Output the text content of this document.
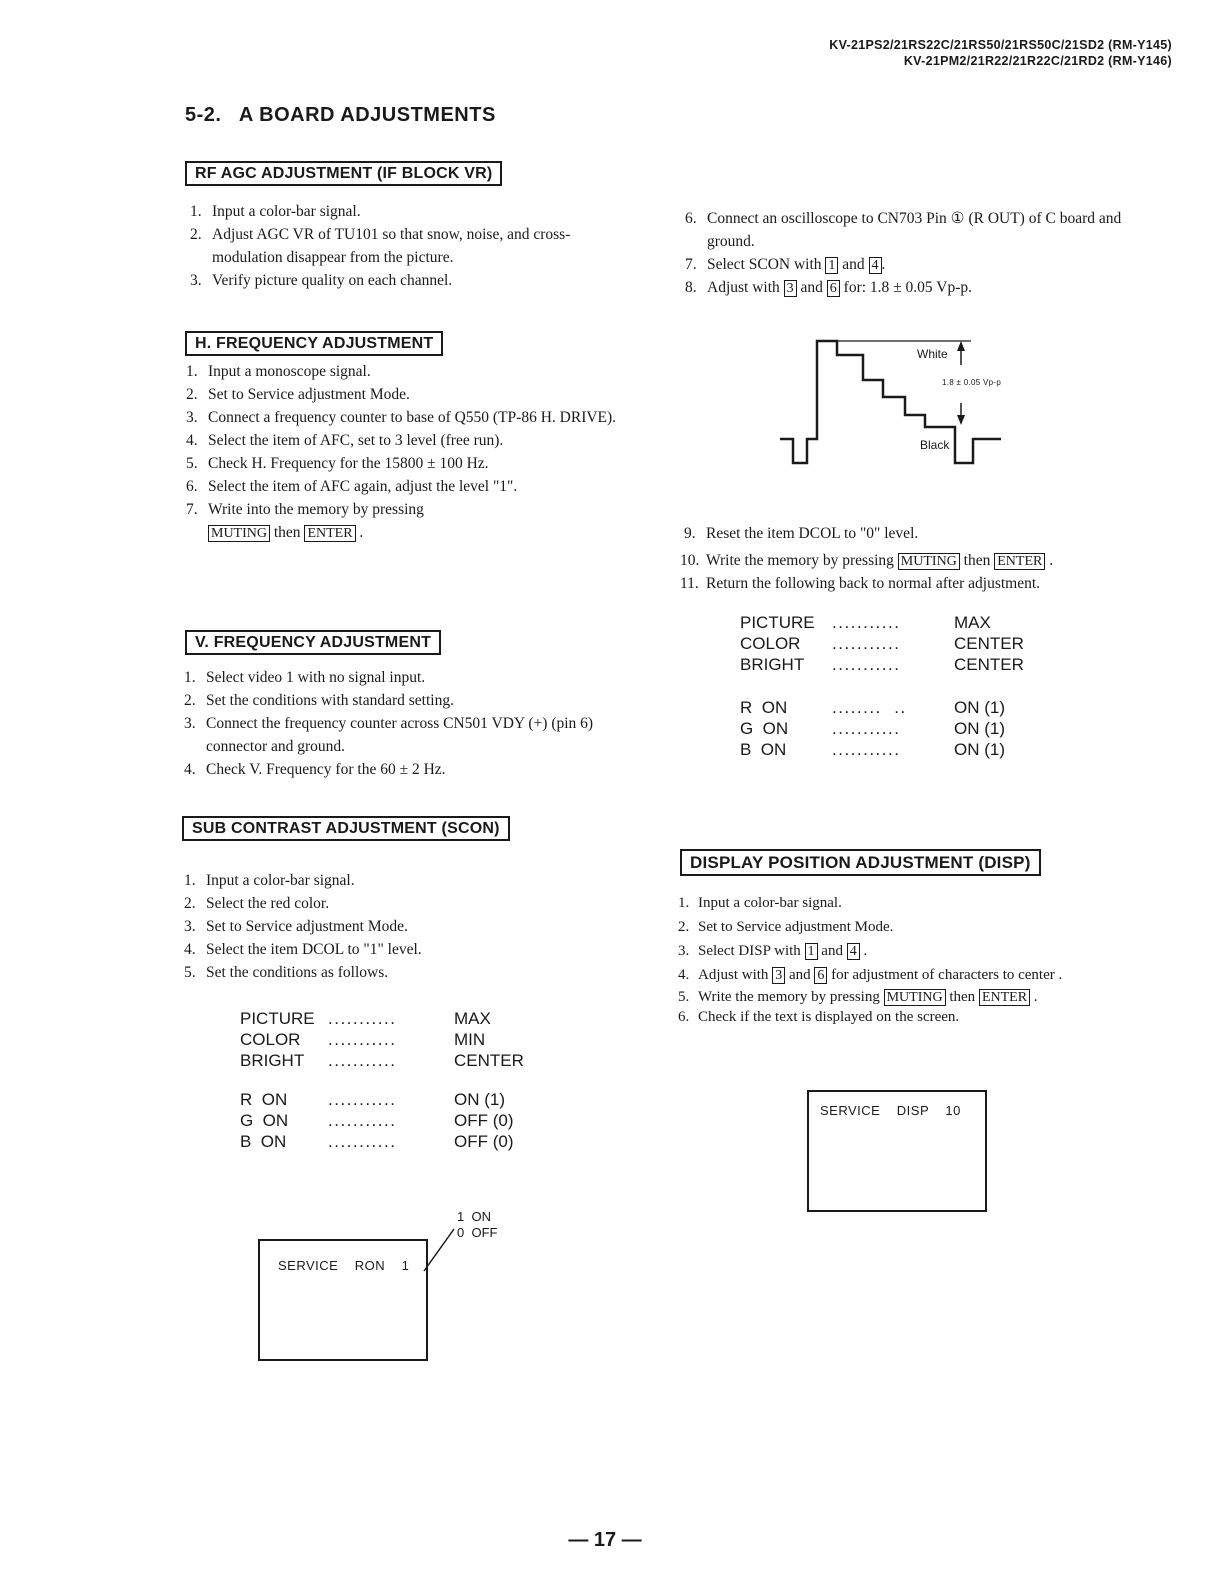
KV-21PS2/21RS22C/21RS50/21RS50C/21SD2 (RM-Y145)
KV-21PM2/21R22/21R22C/21RD2 (RM-Y146)
5-2.   A BOARD ADJUSTMENTS
RF AGC ADJUSTMENT (IF BLOCK VR)
1. Input a color-bar signal.
2. Adjust AGC VR of TU101 so that snow, noise, and cross-modulation disappear from the picture.
3. Verify picture quality on each channel.
H. FREQUENCY ADJUSTMENT
1. Input a monoscope signal.
2. Set to Service adjustment Mode.
3. Connect a frequency counter to base of Q550 (TP-86 H. DRIVE).
4. Select the item of AFC, set to 3 level (free run).
5. Check H. Frequency for the 15800 ± 100 Hz.
6. Select the item of AFC again, adjust the level "1".
7. Write into the memory by pressing
MUTING then ENTER .
V. FREQUENCY ADJUSTMENT
1. Select video 1 with no signal input.
2. Set the conditions with standard setting.
3. Connect the frequency counter across CN501 VDY (+) (pin 6) connector and ground.
4. Check V. Frequency for the 60 ± 2 Hz.
SUB CONTRAST ADJUSTMENT (SCON)
1. Input a color-bar signal.
2. Select the red color.
3. Set to Service adjustment Mode.
4. Select the item DCOL to "1" level.
5. Set the conditions as follows.
PICTURE ...........	MAX
COLOR ...........	MIN
BRIGHT ...........	CENTER
R  ON ...........	ON (1)
G  ON ...........	OFF (0)
B  ON ...........	OFF (0)
SERVICE    RON    1
1  ON
0  OFF
6. Connect an oscilloscope to CN703 Pin ① (R OUT) of C board and ground.
7. Select SCON with 1 and 4 .
8. Adjust with 3 and 6 for: 1.8 ± 0.05 Vp-p.
White
1.8 ± 0.05 Vp-p
Black
9. Reset the item DCOL to "0" level.
10. Write the memory by pressing MUTING then ENTER .
11. Return the following back to normal after adjustment.
PICTURE ...........	MAX
COLOR ...........	CENTER
BRIGHT ...........	CENTER
R  ON	........  ..	ON (1)
G  ON	...........	ON (1)
B  ON	...........	ON (1)
DISPLAY POSITION ADJUSTMENT (DISP)
1. Input a color-bar signal.
2. Set to Service adjustment Mode.
3. Select DISP with 1 and 4 .
4. Adjust with 3 and 6 for adjustment of characters to center .
5. Write the memory by pressing MUTING then ENTER .
6. Check if the text is displayed on the screen.
SERVICE    DISP    10
— 17 —
